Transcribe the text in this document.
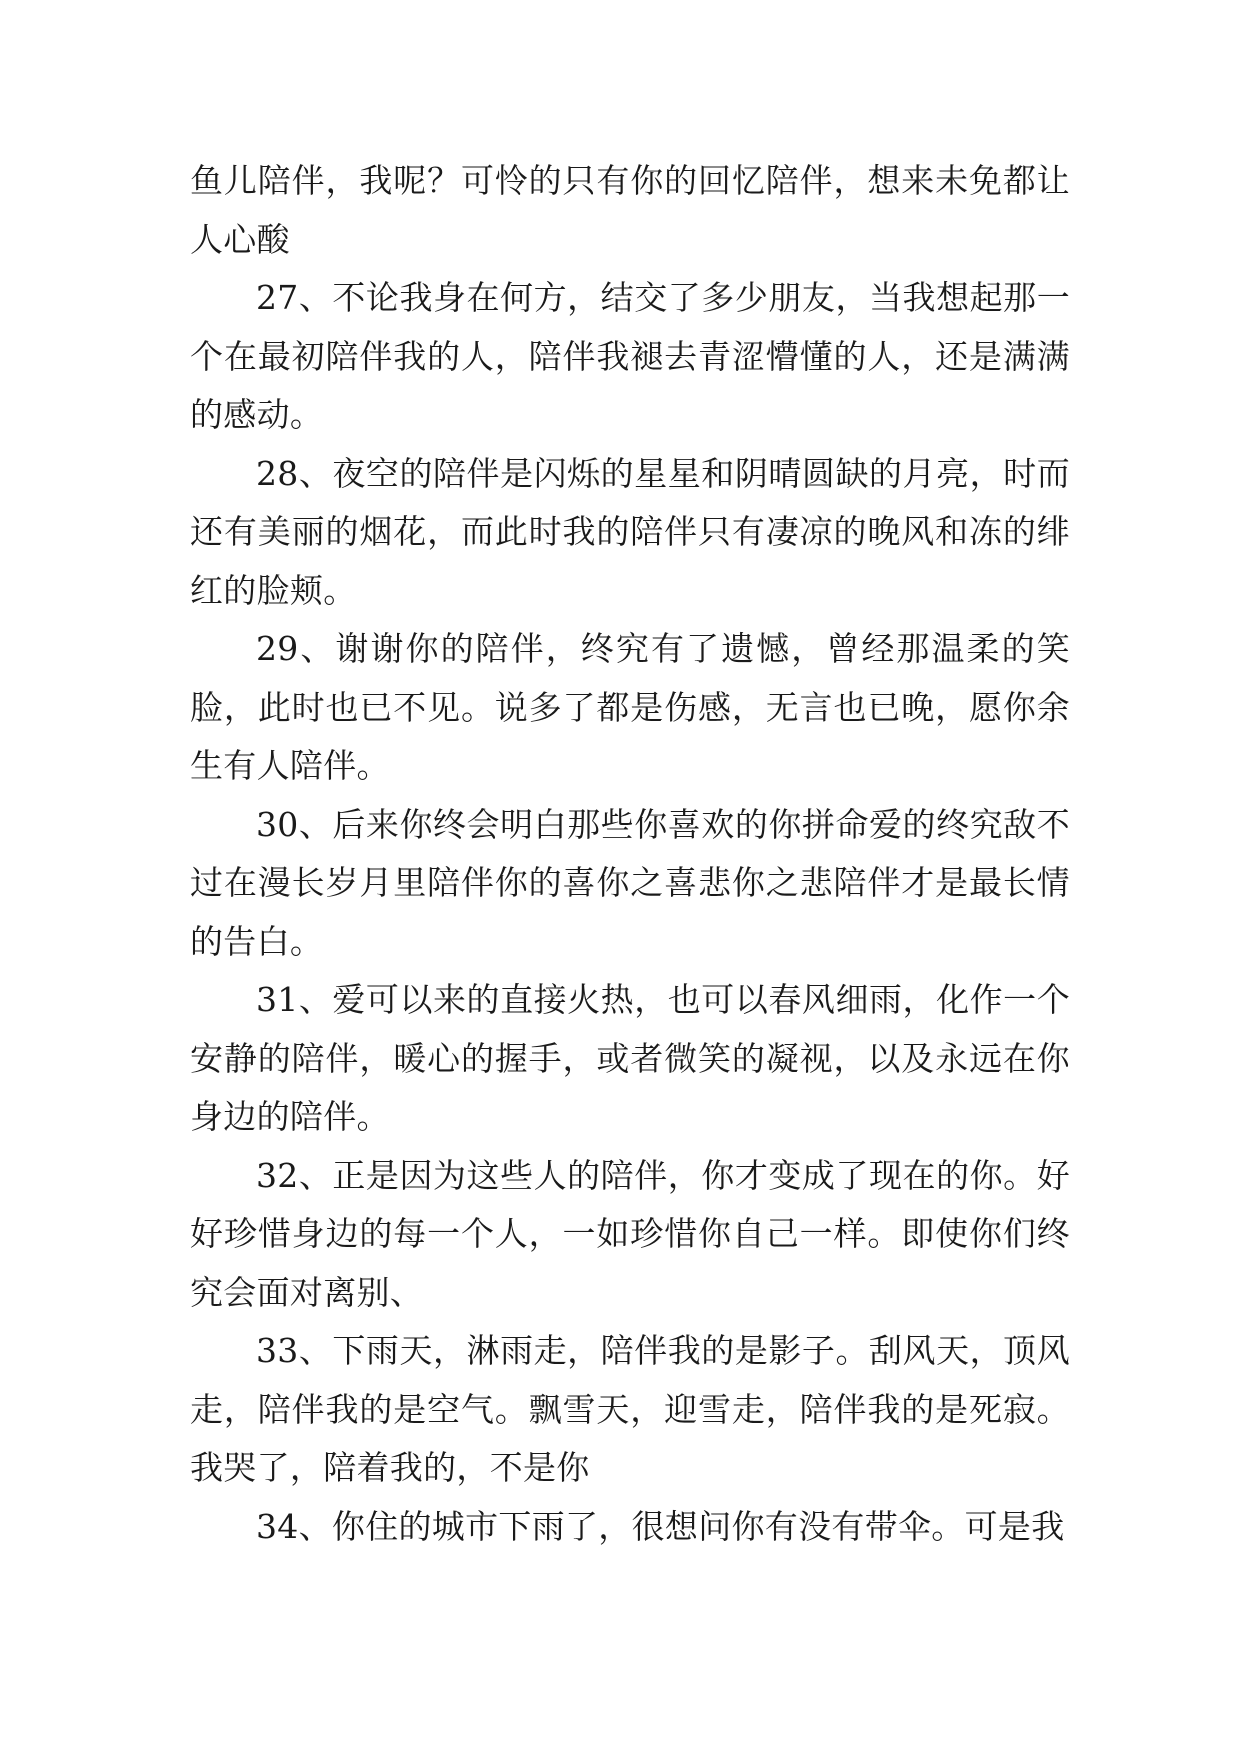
鱼儿陪伴，我呢？可怜的只有你的回忆陪伴，想来未免都让人心酸

27、不论我身在何方，结交了多少朋友，当我想起那一个在最初陪伴我的人，陪伴我褪去青涩懵懂的人，还是满满的感动。

28、夜空的陪伴是闪烁的星星和阴晴圆缺的月亮，时而还有美丽的烟花，而此时我的陪伴只有凄凉的晚风和冻的绯红的脸颊。

29、谢谢你的陪伴，终究有了遗憾，曾经那温柔的笑脸，此时也已不见。说多了都是伤感，无言也已晚，愿你余生有人陪伴。

30、后来你终会明白那些你喜欢的你拼命爱的终究敌不过在漫长岁月里陪伴你的喜你之喜悲你之悲陪伴才是最长情的告白。

31、爱可以来的直接火热，也可以春风细雨，化作一个安静的陪伴，暖心的握手，或者微笑的凝视，以及永远在你身边的陪伴。

32、正是因为这些人的陪伴，你才变成了现在的你。好好珍惜身边的每一个人，一如珍惜你自己一样。即使你们终究会面对离别、

33、下雨天，淋雨走，陪伴我的是影子。刮风天，顶风走，陪伴我的是空气。飘雪天，迎雪走，陪伴我的是死寂。我哭了，陪着我的，不是你

34、你住的城市下雨了，很想问你有没有带伞。可是我
